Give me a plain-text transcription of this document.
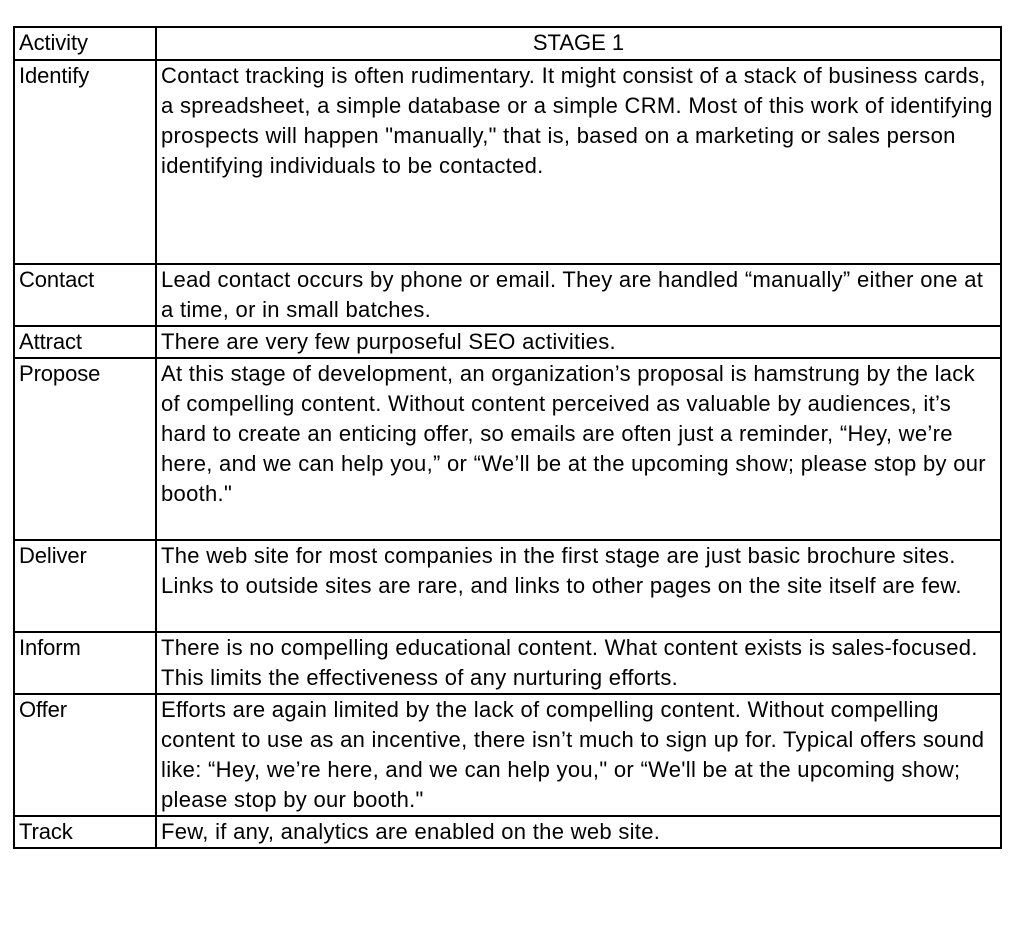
Activity	STAGE 1
Identify	Contact tracking is often rudimentary. It might consist of a stack of business cards, a spreadsheet, a simple database or a simple CRM. Most of this work of identifying prospects will happen "manually," that is, based on a marketing or sales person identifying individuals to be contacted.

Contact	Lead contact occurs by phone or email. They are handled “manually” either one at a time, or in small batches.
Attract	There are very few purposeful SEO activities.
Propose	At this stage of development, an organization’s proposal is hamstrung by the lack of compelling content. Without content perceived as valuable by audiences, it’s hard to create an enticing offer, so emails are often just a reminder, “Hey, we’re here, and we can help you,” or “We’ll be at the upcoming show; please stop by our booth."
Deliver	The web site for most companies in the first stage are just basic brochure sites. Links to outside sites are rare, and links to other pages on the site itself are few.
Inform	There is no compelling educational content. What content exists is sales-focused. This limits the effectiveness of any nurturing efforts.
Offer	Efforts are again limited by the lack of compelling content. Without compelling content to use as an incentive, there isn’t much to sign up for. Typical offers sound like: “Hey, we’re here, and we can help you," or “We'll be at the upcoming show; please stop by our booth."
Track	Few, if any, analytics are enabled on the web site.
